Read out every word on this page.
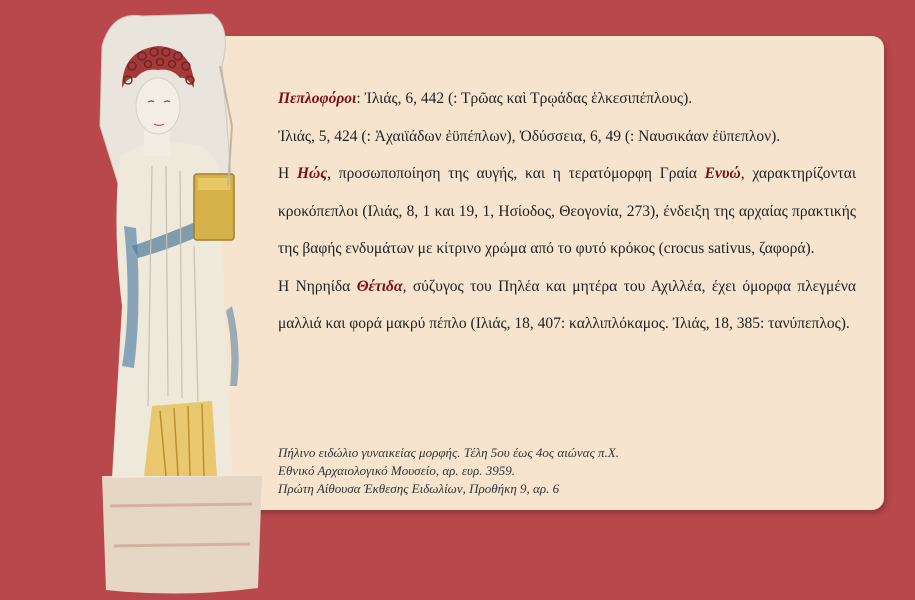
Πεπλοφόροι: Ἰλιάς, 6, 442 (: Τρῶας καὶ Τρῳάδας ἑλκεσιπέπλους).

Ἰλιάς, 5, 424 (: Ἀχαιϊάδων ἐϋπέπλων), Ὀδύσσεια, 6, 49 (: Ναυσικάαν ἐϋπεπλον).

Η Ηώς, προσωποποίηση της αυγής, και η τερατόμορφη Γραία Ενυώ, χαρακτηρίζονται κροκόπεπλοι (Ιλιάς, 8, 1 και 19, 1, Ησίοδος, Θεογονία, 273), ένδειξη της αρχαίας πρακτικής της βαφής ενδυμάτων με κίτρινο χρώμα από το φυτό κρόκος (crocus sativus, ζαφορά).

Η Νηρηίδα Θέτιδα, σύζυγος του Πηλέα και μητέρα του Αχιλλέα, έχει όμορφα πλεγμένα μαλλιά και φορά μακρύ πέπλο (Ιλιάς, 18, 407: καλλιπλόκαμος. Ἰλιάς, 18, 385: τανύπεπλος).

Πήλινο ειδώλιο γυναικείας μορφής. Τέλη 5ου έως 4ος αιώνας π.Χ.
Εθνικό Αρχαιολογικό Μουσείο, αρ. ευρ. 3959.
Πρώτη Αίθουσα Έκθεσης Ειδωλίων, Προθήκη 9, αρ. 6
